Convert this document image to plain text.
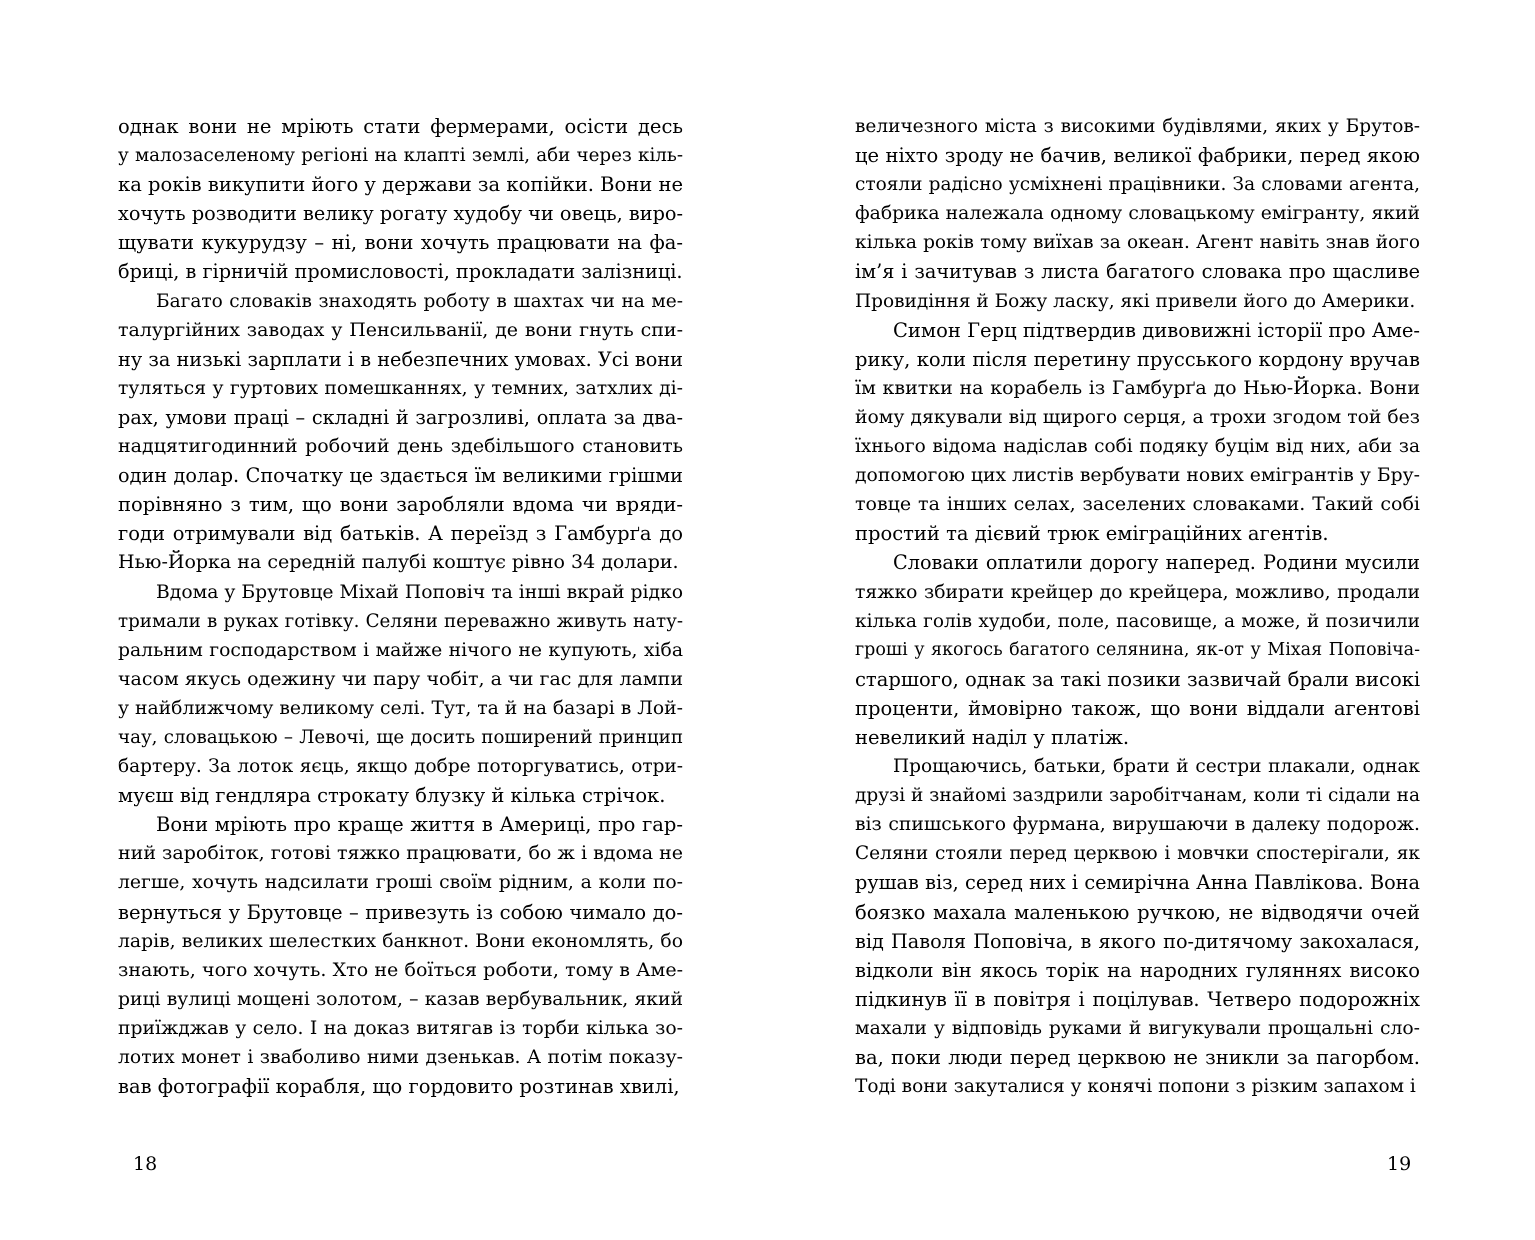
однак вони не мріють стати фермерами, осісти десь
у малозаселеному регіоні на клапті землі, аби через кіль-
ка років викупити його у держави за копійки. Вони не
хочуть розводити велику рогату худобу чи овець, виро-
щувати кукурудзу – ні, вони хочуть працювати на фа-
бриці, в гірничій промисловості, прокладати залізниці.
Багато словаків знаходять роботу в шахтах чи на ме-
талургійних заводах у Пенсильванії, де вони гнуть спи-
ну за низькі зарплати і в небезпечних умовах. Усі вони
туляться у гуртових помешканнях, у темних, затхлих ді-
рах, умови праці – складні й загрозливі, оплата за два-
надцятигодинний робочий день здебільшого становить
один долар. Спочатку це здається їм великими грішми
порівняно з тим, що вони заробляли вдома чи вряди-
годи отримували від батьків. А переїзд з Гамбурґа до
Нью-Йорка на середній палубі коштує рівно 34 долари.
Вдома у Брутовце Міхай Поповіч та інші вкрай рідко
тримали в руках готівку. Селяни переважно живуть нату-
ральним господарством і майже нічого не купують, хіба
часом якусь одежину чи пару чобіт, а чи гас для лампи
у найближчому великому селі. Тут, та й на базарі в Лой-
чау, словацькою – Левочі, ще досить поширений принцип
бартеру. За лоток яєць, якщо добре поторгуватись, отри-
муєш від гендляра строкату блузку й кілька стрічок.
Вони мріють про краще життя в Америці, про гар-
ний заробіток, готові тяжко працювати, бо ж і вдома не
легше, хочуть надсилати гроші своїм рідним, а коли по-
вернуться у Брутовце – привезуть із собою чимало до-
ларів, великих шелестких банкнот. Вони економлять, бо
знають, чого хочуть. Хто не боїться роботи, тому в Аме-
риці вулиці мощені золотом, – казав вербувальник, який
приїжджав у село. І на доказ витягав із торби кілька зо-
лотих монет і зваболиво ними дзенькав. А потім показу-
вав фотографії корабля, що гордовито розтинав хвилі,
18
величезного міста з високими будівлями, яких у Брутов-
це ніхто зроду не бачив, великої фабрики, перед якою
стояли радісно усміхнені працівники. За словами агента,
фабрика належала одному словацькому емігранту, який
кілька років тому виїхав за океан. Агент навіть знав його
ім’я і зачитував з листа багатого словака про щасливе
Провидіння й Божу ласку, які привели його до Америки.
Симон Герц підтвердив дивовижні історії про Аме-
рику, коли після перетину прусського кордону вручав
їм квитки на корабель із Гамбурґа до Нью-Йорка. Вони
йому дякували від щирого серця, а трохи згодом той без
їхнього відома надіслав собі подяку буцім від них, аби за
допомогою цих листів вербувати нових емігрантів у Бру-
товце та інших селах, заселених словаками. Такий собі
простий та дієвий трюк еміграційних агентів.
Словаки оплатили дорогу наперед. Родини мусили
тяжко збирати крейцер до крейцера, можливо, продали
кілька голів худоби, поле, пасовище, а може, й позичили
гроші у якогось багатого селянина, як-от у Міхая Поповіча-
старшого, однак за такі позики зазвичай брали високі
проценти, ймовірно також, що вони віддали агентові
невеликий наділ у платіж.
Прощаючись, батьки, брати й сестри плакали, однак
друзі й знайомі заздрили заробітчанам, коли ті сідали на
віз спишського фурмана, вирушаючи в далеку подорож.
Селяни стояли перед церквою і мовчки спостерігали, як
рушав віз, серед них і семирічна Анна Павлікова. Вона
боязко махала маленькою ручкою, не відводячи очей
від Паволя Поповіча, в якого по-дитячому закохалася,
відколи він якось торік на народних гуляннях високо
підкинув її в повітря і поцілував. Четверо подорожніх
махали у відповідь руками й вигукували прощальні сло-
ва, поки люди перед церквою не зникли за пагорбом.
Тоді вони закуталися у конячі попони з різким запахом і
19
